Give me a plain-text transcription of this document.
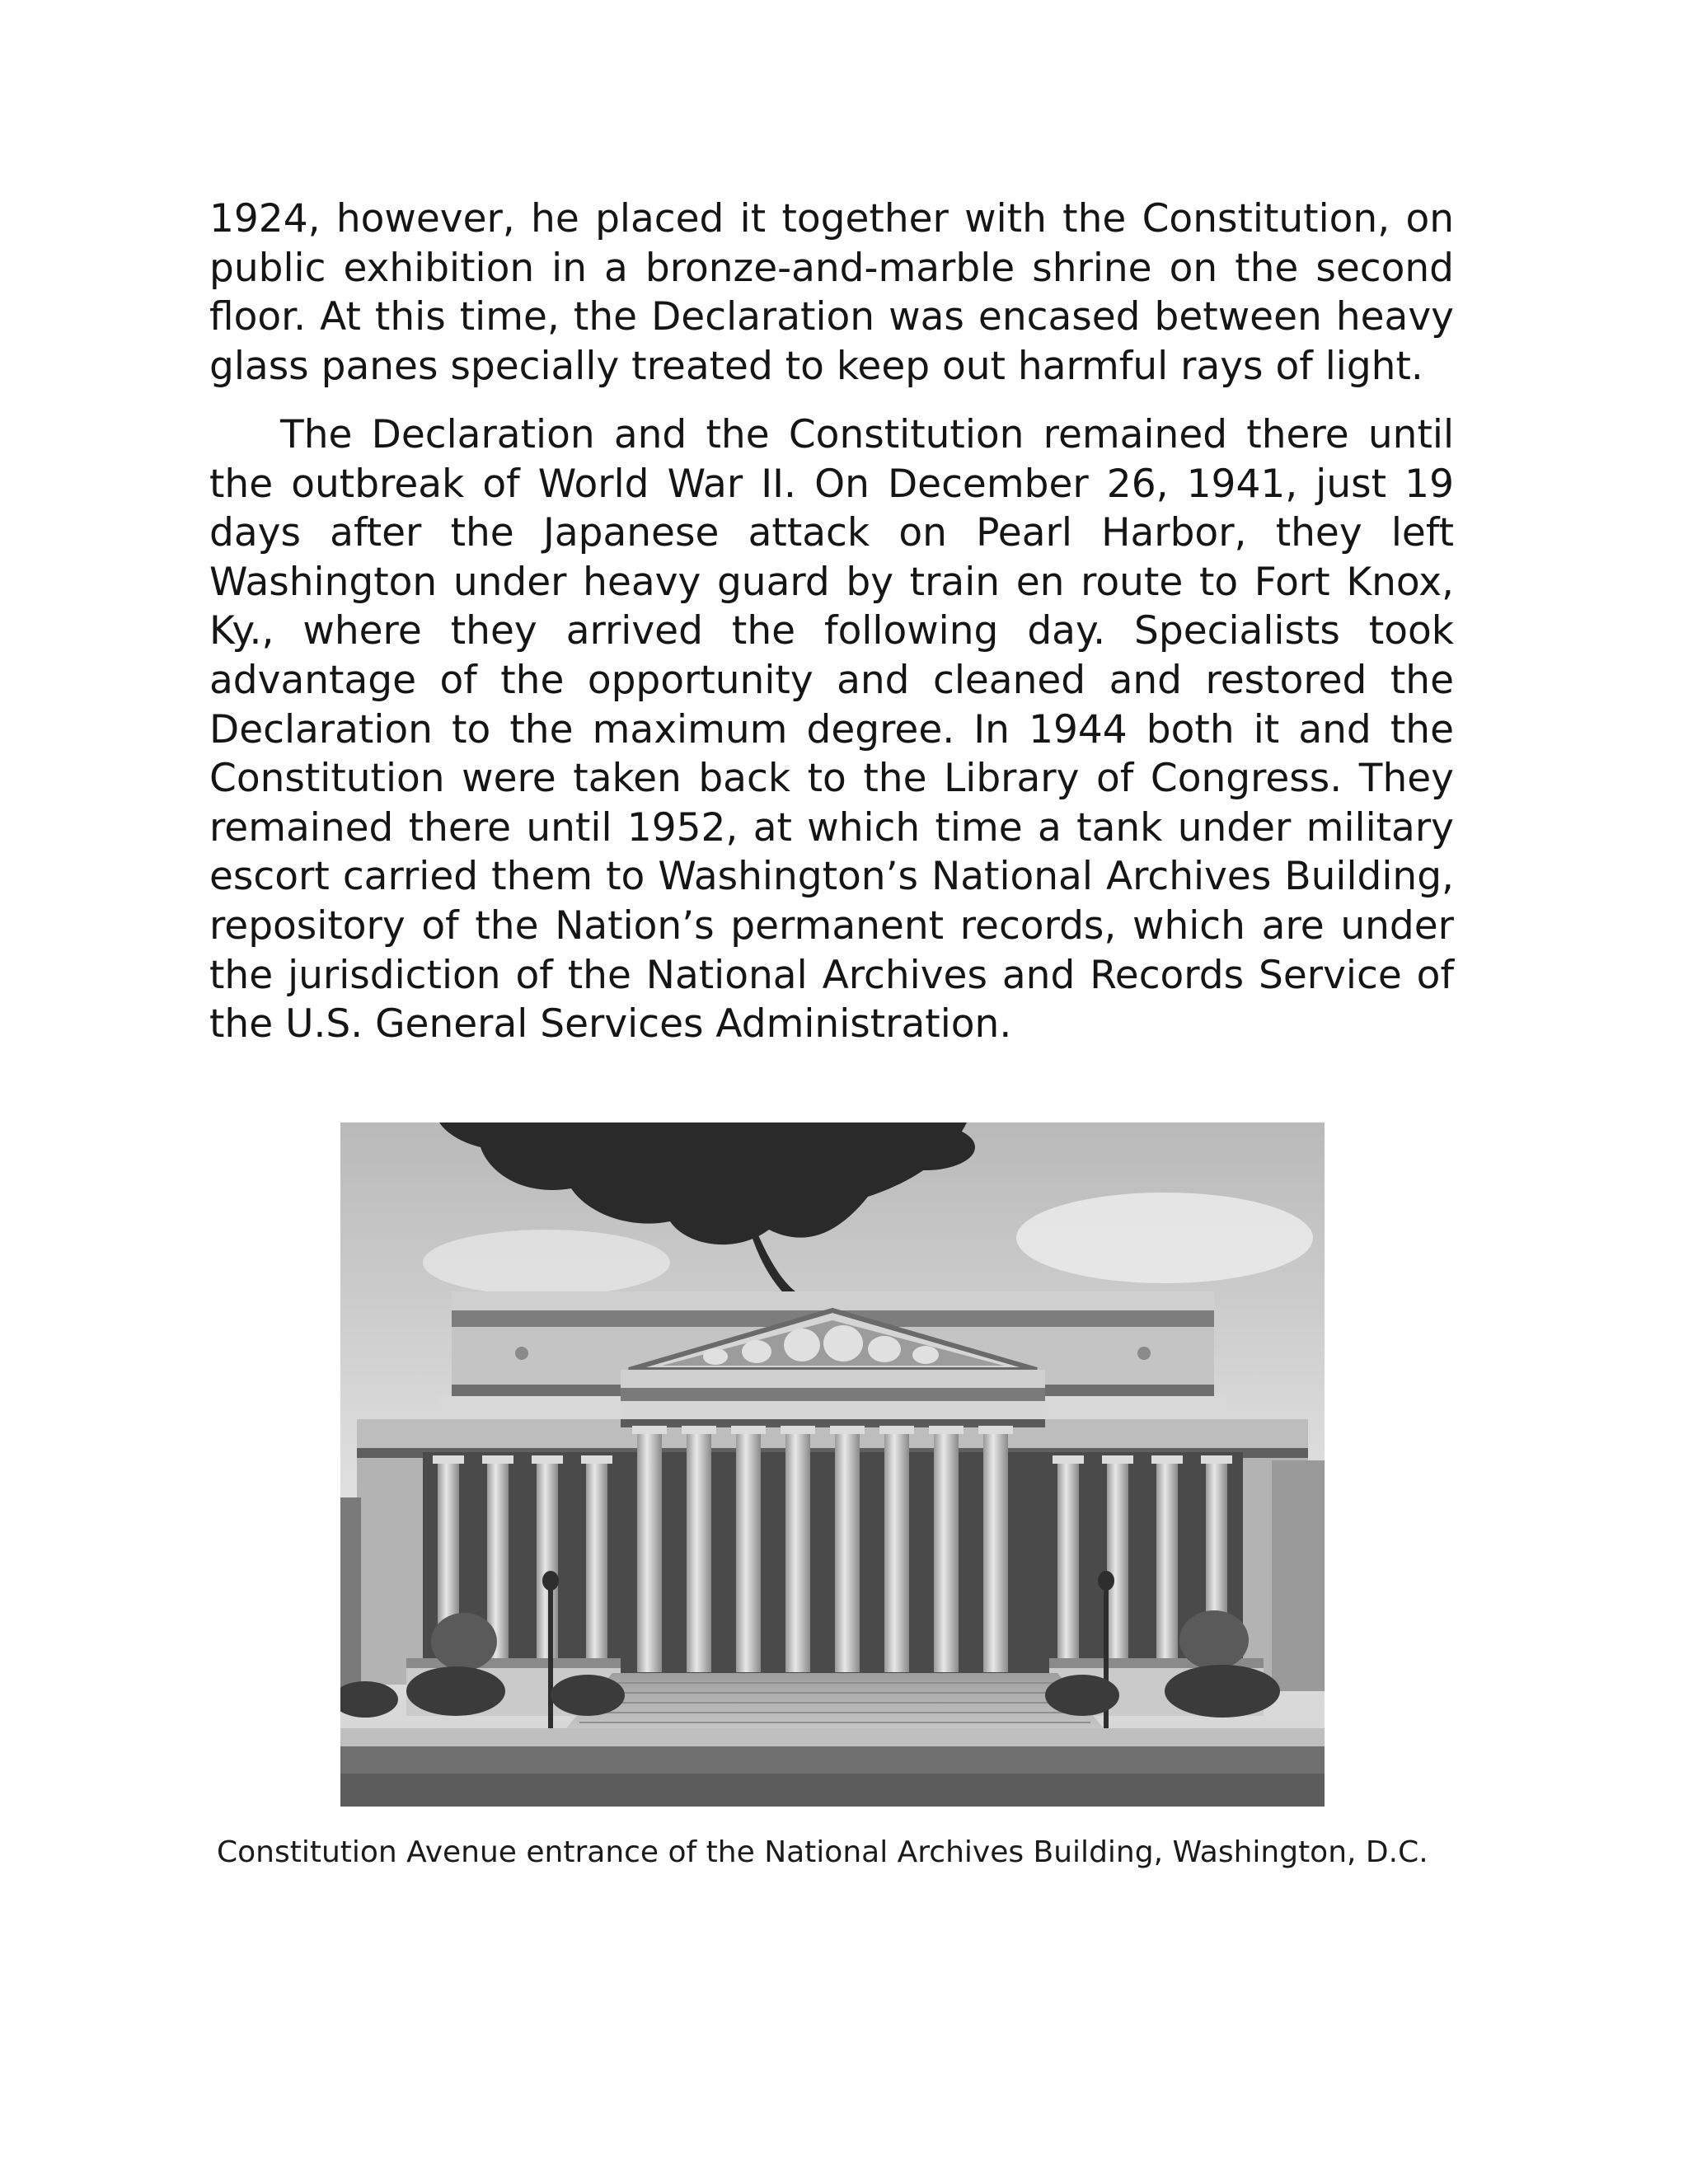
1924, however, he placed it together with the Constitution, on public exhibition in a bronze-and-marble shrine on the second floor. At this time, the Declaration was encased between heavy glass panes specially treated to keep out harmful rays of light.

The Declaration and the Constitution remained there until the outbreak of World War II. On December 26, 1941, just 19 days after the Japanese attack on Pearl Harbor, they left Washington under heavy guard by train en route to Fort Knox, Ky., where they arrived the following day. Specialists took advantage of the opportunity and cleaned and restored the Declaration to the maximum degree. In 1944 both it and the Constitution were taken back to the Library of Congress. They remained there until 1952, at which time a tank under military escort carried them to Washington’s National Archives Building, repository of the Nation’s permanent records, which are under the jurisdiction of the National Archives and Records Service of the U.S. General Services Administration.

Constitution Avenue entrance of the National Archives Building, Washington, D.C.
